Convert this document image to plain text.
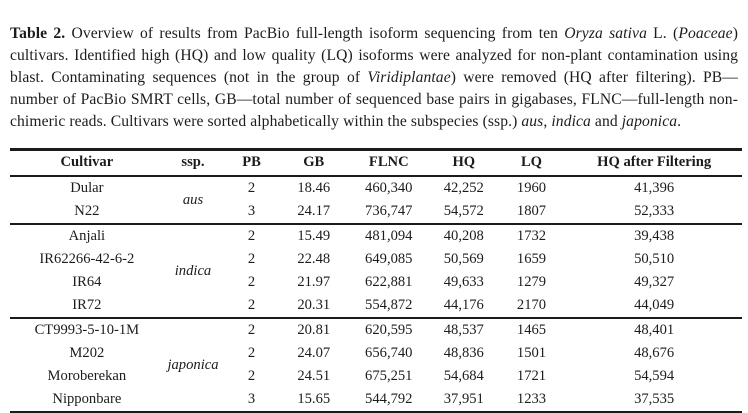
Table 2. Overview of results from PacBio full-length isoform sequencing from ten Oryza sativa L. (Poaceae) cultivars. Identified high (HQ) and low quality (LQ) isoforms were analyzed for non-plant contamination using blast. Contaminating sequences (not in the group of Viridiplantae) were removed (HQ after filtering). PB—number of PacBio SMRT cells, GB—total number of sequenced base pairs in gigabases, FLNC—full-length non-chimeric reads. Cultivars were sorted alphabetically within the subspecies (ssp.) aus, indica and japonica.

Cultivar	ssp.	PB	GB	FLNC	HQ	LQ	HQ after Filtering
Dular	aus	2	18.46	460,340	42,252	1960	41,396
N22		3	24.17	736,747	54,572	1807	52,333
Anjali	indica	2	15.49	481,094	40,208	1732	39,438
IR62266-42-6-2		2	22.48	649,085	50,569	1659	50,510
IR64		2	21.97	622,881	49,633	1279	49,327
IR72		2	20.31	554,872	44,176	2170	44,049
CT9993-5-10-1M	japonica	2	20.81	620,595	48,537	1465	48,401
M202		2	24.07	656,740	48,836	1501	48,676
Moroberekan		2	24.51	675,251	54,684	1721	54,594
Nipponbare		3	15.65	544,792	37,951	1233	37,535
